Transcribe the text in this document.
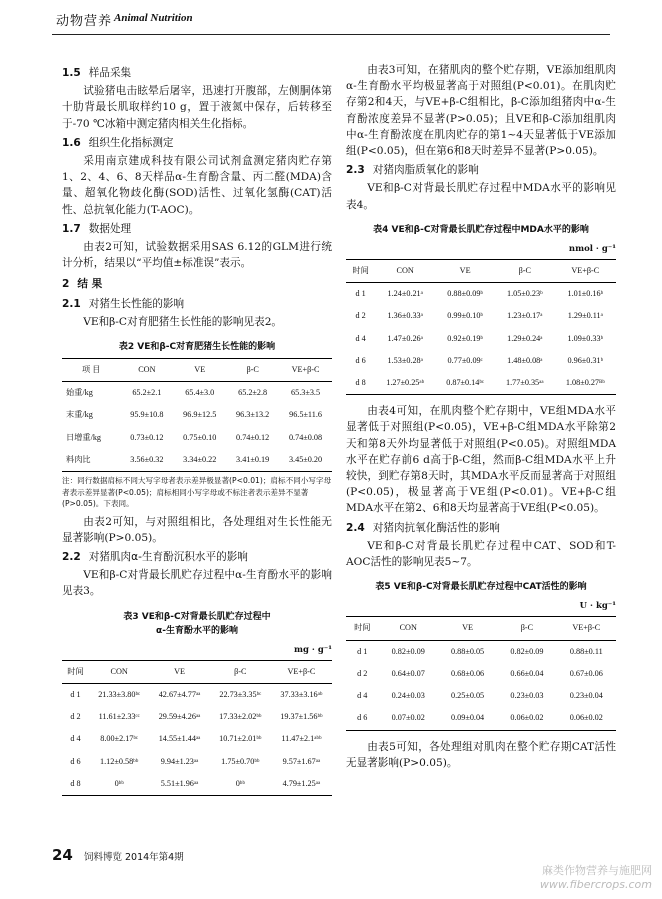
动物营养 Animal Nutrition
1.5 样品采集

试验猪电击眩晕后屠宰，迅速打开腹部，左侧胴体第十肋背最长肌取样约10 g，置于液氮中保存，后转移至于-70 ℃冰箱中测定猪肉相关生化指标。

1.6 组织生化指标测定

采用南京建成科技有限公司试剂盒测定猪肉贮存第1、2、4、6、8天样品α-生育酚含量、丙二醛(MDA)含量、超氧化物歧化酶(SOD)活性、过氧化氢酶(CAT)活性、总抗氧化能力(T-AOC)。

1.7 数据处理

由表2可知，试验数据采用SAS 6.12的GLM进行统计分析，结果以“平均值±标准误”表示。

2 结 果
2.1 对猪生长性能的影响

VE和β-C对育肥猪生长性能的影响见表2。

表2 VE和β-C对育肥猪生长性能的影响
项 目	CON	VE	β-C	VE+β-C
始重/kg	65.2±2.1	65.4±3.0	65.2±2.8	65.3±3.5
末重/kg	95.9±10.8	96.9±12.5	96.3±13.2	96.5±11.6
日增重/kg	0.73±0.12	0.75±0.10	0.74±0.12	0.74±0.08
料肉比	3.56±0.32	3.34±0.22	3.41±0.19	3.45±0.20
注：同行数据肩标不同大写字母者表示差异极显著(P<0.01)；肩标不同小写字母者表示差异显著(P<0.05)；肩标相同小写字母或不标注者表示差异不显著(P>0.05)。下表同。

由表2可知，与对照组相比，各处理组对生长性能无显著影响(P>0.05)。

2.2 对猪肌肉α-生育酚沉积水平的影响

VE和β-C对背最长肌贮存过程中α-生育酚水平的影响见表3。

表3 VE和β-C对背最长肌贮存过程中
α-生育酚水平的影响
mg · g⁻¹
时间	CON	VE	β-C	VE+β-C
d 1	21.33±3.80ᵇᶜ	42.67±4.77ᵃᵃ	22.73±3.35ᵇᶜ	37.33±3.16ᵃᵇ
d 2	11.61±2.33ᶜᶜ	29.59±4.26ᵃᵃ	17.33±2.02ᵇᵇ	19.37±1.56ᵇᵇ
d 4	8.00±2.17ᵇᶜ	14.55±1.44ᵃᵃ	10.71±2.01ᵇᵇ	11.47±2.1ᵃᵇᵇ
d 6	1.12±0.58ᵇᵇ	9.94±1.23ᵃᵃ	1.75±0.70ᵇᵇ	9.57±1.67ᵃᵃ
d 8	0ᵇᵇ	5.51±1.96ᵃᵃ	0ᵇᵇ	4.79±1.25ᵃᵃ

由表3可知，在猪肌肉的整个贮存期，VE添加组肌肉α-生育酚水平均极显著高于对照组(P<0.01)。在肌肉贮存第2和4天，与VE+β-C组相比，β-C添加组猪肉中α-生育酚浓度差异不显著(P>0.05)；且VE和β-C添加组肌肉中α-生育酚浓度在肌肉贮存的第1~4天显著低于VE添加组(P<0.05)，但在第6和8天时差异不显著(P>0.05)。

2.3 对猪肉脂质氧化的影响

VE和β-C对背最长肌贮存过程中MDA水平的影响见表4。

表4 VE和β-C对背最长肌贮存过程中MDA水平的影响
nmol · g⁻¹
时间	CON	VE	β-C	VE+β-C
d 1	1.24±0.21ᵃ	0.88±0.09ᵇ	1.05±0.23ᵇ	1.01±0.16ᵇ
d 2	1.36±0.33ᵃ	0.99±0.10ᵇ	1.23±0.17ᵃ	1.29±0.11ᵃ
d 4	1.47±0.26ᵃ	0.92±0.19ᵇ	1.29±0.24ᵃ	1.09±0.33ᵇ
d 6	1.53±0.28ᵃ	0.77±0.09ᶜ	1.48±0.08ᵃ	0.96±0.31ᵇ
d 8	1.27±0.25ᵃᵇ	0.87±0.14ᵇᶜ	1.77±0.35ᵃᵃ	1.08±0.27ᴮᵇ

由表4可知，在肌肉整个贮存期中，VE组MDA水平显著低于对照组(P<0.05)，VE+β-C组MDA水平除第2天和第8天外均显著低于对照组(P<0.05)。对照组MDA水平在贮存前6 d高于β-C组，然而β-C组MDA水平上升较快，到贮存第8天时，其MDA水平反而显著高于对照组(P<0.05)，极显著高于VE组(P<0.01)。VE+β-C组MDA水平在第2、6和8天均显著高于VE组(P<0.05)。

2.4 对猪肉抗氧化酶活性的影响

VE和β-C对背最长肌贮存过程中CAT、SOD和T-AOC活性的影响见表5~7。

表5 VE和β-C对背最长肌贮存过程中CAT活性的影响
U · kg⁻¹
时间	CON	VE	β-C	VE+β-C
d 1	0.82±0.09	0.88±0.05	0.82±0.09	0.88±0.11
d 2	0.64±0.07	0.68±0.06	0.66±0.04	0.67±0.06
d 4	0.24±0.03	0.25±0.05	0.23±0.03	0.23±0.04
d 6	0.07±0.02	0.09±0.04	0.06±0.02	0.06±0.02

由表5可知，各处理组对肌肉在整个贮存期CAT活性无显著影响(P>0.05)。

24 饲料博览 2014年第4期
麻类作物营养与施肥网
www.fibercrops.com
